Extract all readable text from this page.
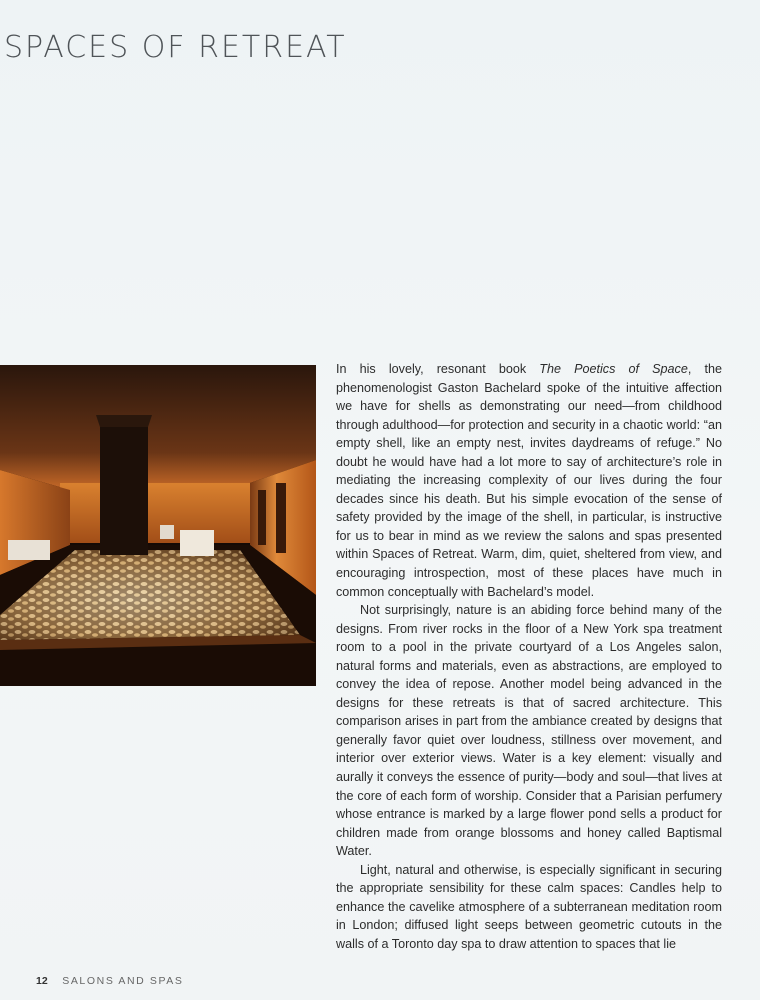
SPACES OF RETREAT

In his lovely, resonant book The Poetics of Space, the phenomenologist Gaston Bachelard spoke of the intuitive affection we have for shells as demonstrating our need—from childhood through adulthood—for protection and security in a chaotic world: “an empty shell, like an empty nest, invites daydreams of refuge.” No doubt he would have had a lot more to say of architecture’s role in mediating the increasing complexity of our lives during the four decades since his death. But his simple evocation of the sense of safety provided by the image of the shell, in particular, is instructive for us to bear in mind as we review the salons and spas presented within Spaces of Retreat. Warm, dim, quiet, sheltered from view, and encouraging introspection, most of these places have much in common conceptually with Bachelard’s model.

Not surprisingly, nature is an abiding force behind many of the designs. From river rocks in the floor of a New York spa treatment room to a pool in the private courtyard of a Los Angeles salon, natural forms and materials, even as abstractions, are employed to convey the idea of repose. Another model being advanced in the designs for these retreats is that of sacred architecture. This comparison arises in part from the ambiance created by designs that generally favor quiet over loudness, stillness over movement, and interior over exterior views. Water is a key element: visually and aurally it conveys the essence of purity—body and soul—that lives at the core of each form of worship. Consider that a Parisian perfumery whose entrance is marked by a large flower pond sells a product for children made from orange blossoms and honey called Baptismal Water.

Light, natural and otherwise, is especially significant in securing the appropriate sensibility for these calm spaces: Candles help to enhance the cavelike atmosphere of a subterranean meditation room in London; diffused light seeps between geometric cutouts in the walls of a Toronto day spa to draw attention to spaces that lie

12 SALONS AND SPAS
